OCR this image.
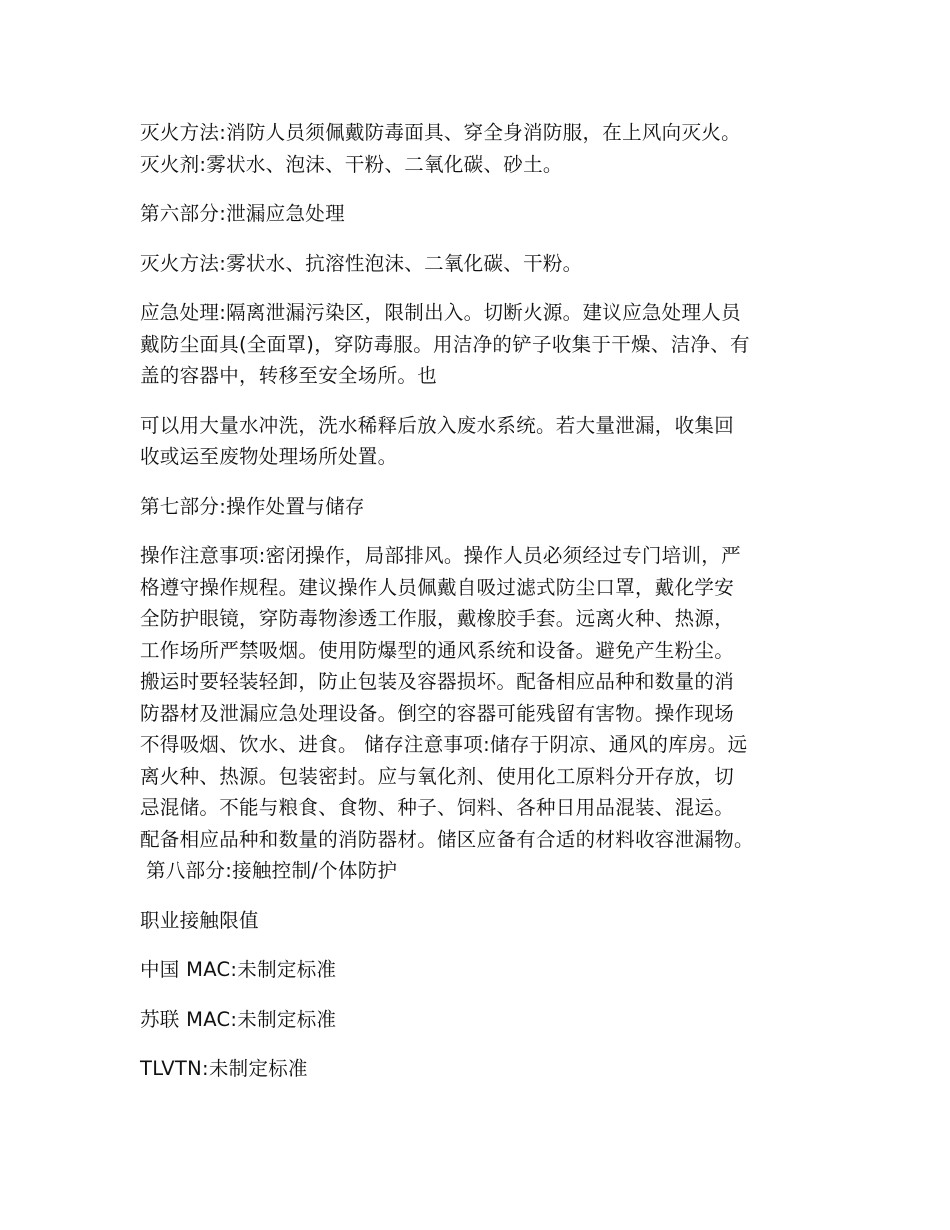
灭火方法:消防人员须佩戴防毒面具、穿全身消防服，在上风向灭火。
灭火剂:雾状水、泡沫、干粉、二氧化碳、砂土。

第六部分:泄漏应急处理

灭火方法:雾状水、抗溶性泡沫、二氧化碳、干粉。

应急处理:隔离泄漏污染区，限制出入。切断火源。建议应急处理人员
戴防尘面具(全面罩)，穿防毒服。用洁净的铲子收集于干燥、洁净、有
盖的容器中，转移至安全场所。也

可以用大量水冲洗，洗水稀释后放入废水系统。若大量泄漏，收集回
收或运至废物处理场所处置。

第七部分:操作处置与储存

操作注意事项:密闭操作，局部排风。操作人员必须经过专门培训，严
格遵守操作规程。建议操作人员佩戴自吸过滤式防尘口罩，戴化学安
全防护眼镜，穿防毒物渗透工作服，戴橡胶手套。远离火种、热源，
工作场所严禁吸烟。使用防爆型的通风系统和设备。避免产生粉尘。
搬运时要轻装轻卸，防止包装及容器损坏。配备相应品种和数量的消
防器材及泄漏应急处理设备。倒空的容器可能残留有害物。操作现场
不得吸烟、饮水、进食。 储存注意事项:储存于阴凉、通风的库房。远
离火种、热源。包装密封。应与氧化剂、使用化工原料分开存放，切
忌混储。不能与粮食、食物、种子、饲料、各种日用品混装、混运。
配备相应品种和数量的消防器材。储区应备有合适的材料收容泄漏物。
第八部分:接触控制/个体防护

职业接触限值

中国 MAC:未制定标准

苏联 MAC:未制定标准

TLVTN:未制定标准
